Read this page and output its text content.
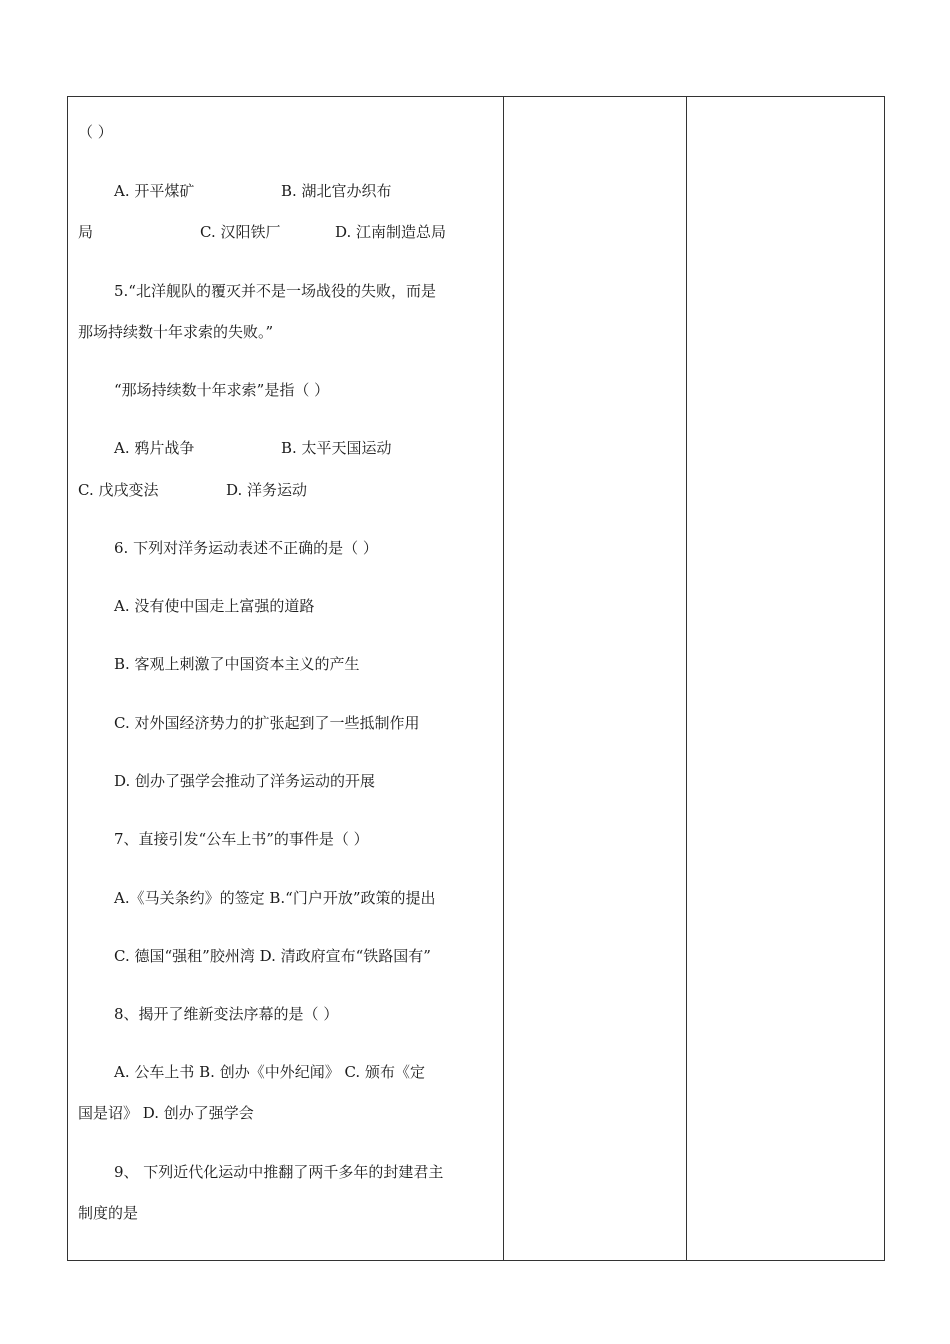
（ ）
A. 开平煤矿	B. 湖北官办织布
局	C. 汉阳铁厂	D. 江南制造总局
5.“北洋舰队的覆灭并不是一场战役的失败，而是
那场持续数十年求索的失败。”
“那场持续数十年求索”是指（ ）
A. 鸦片战争	B. 太平天国运动
C. 戊戌变法	D. 洋务运动
6. 下列对洋务运动表述不正确的是（ ）
A. 没有使中国走上富强的道路
B. 客观上刺激了中国资本主义的产生
C. 对外国经济势力的扩张起到了一些抵制作用
D. 创办了强学会推动了洋务运动的开展
7、直接引发“公车上书”的事件是（ ）
A.《马关条约》的签定 B.“门户开放”政策的提出
C. 德国“强租”胶州湾 D. 清政府宣布“铁路国有”
8、揭开了维新变法序幕的是（ ）
A. 公车上书 B. 创办《中外纪闻》 C. 颁布《定
国是诏》 D. 创办了强学会
9、 下列近代化运动中推翻了两千多年的封建君主
制度的是
